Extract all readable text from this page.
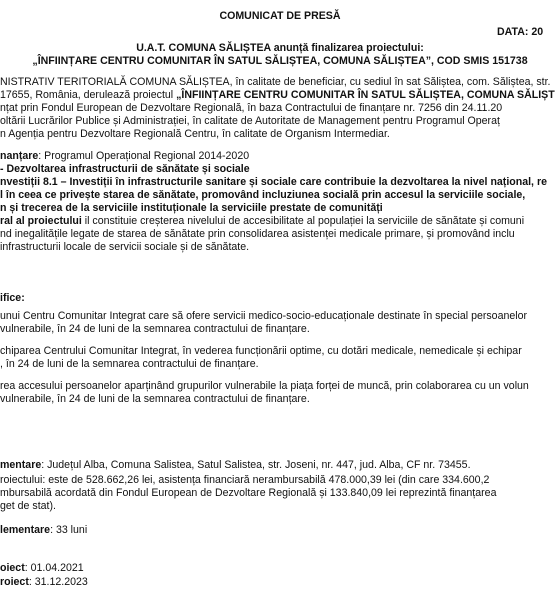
COMUNICAT DE PRESĂ
DATA: 20
U.A.T. COMUNA SĂLIȘTEA anunță finalizarea proiectului:
„ÎNFIINȚARE CENTRU COMUNITAR ÎN SATUL SĂLIȘTEA, COMUNA SĂLIȘTEA”, COD SMIS 151738
NISTRATIV TERITORIALĂ COMUNA SĂLIȘTEA, în calitate de beneficiar, cu sediul în sat Săliștea, com. Săliștea, str.
17655, România, derulează proiectul „ÎNFIINȚARE CENTRU COMUNITAR ÎN SATUL SĂLIȘTEA, COMUNA SĂLIȘT
nțat prin Fondul European de Dezvoltare Regională, în baza Contractului de finanțare nr. 7256 din 24.11.20
oltării Lucrărilor Publice și Administrației, în calitate de Autoritate de Management pentru Programul Operaț
n Agenția pentru Dezvoltare Regională Centru, în calitate de Organism Intermediar.
nanțare: Programul Operațional Regional 2014-2020
- Dezvoltarea infrastructurii de sănătate și sociale
nvestiții 8.1 – Investiții în infrastructurile sanitare și sociale care contribuie la dezvoltarea la nivel național, re
l în ceea ce privește starea de sănătate, promovând incluziunea socială prin accesul la serviciile sociale,
n și trecerea de la serviciile instituționale la serviciile prestate de comunități
ral al proiectului il constituie creșterea nivelului de accesibilitate al populației la serviciile de sănătate și comuni
nd inegalitățile legate de starea de sănătate prin consolidarea asistenței medicale primare, și promovând inclu
infrastructurii locale de servicii sociale și de sănătate.
ifice:
unui Centru Comunitar Integrat care să ofere servicii medico-socio-educaționale destinate în special persoanelor
vulnerabile, în 24 de luni de la semnarea contractului de finanțare.
chiparea Centrului Comunitar Integrat, în vederea funcționării optime, cu dotări medicale, nemedicale și echipar
, în 24 de luni de la semnarea contractului de finanțare.
rea accesului persoanelor aparținând grupurilor vulnerabile la piața forței de muncă, prin colaborarea cu un volun
vulnerabile, în 24 de luni de la semnarea contractului de finanțare.
mentare: Județul Alba, Comuna Salistea, Satul Salistea, str. Joseni, nr. 447, jud. Alba, CF nr. 73455.
roiectului: este de 528.662,26 lei, asistența financiară nerambursabilă 478.000,39 lei (din care 334.600,2
mbursabilă acordată din Fondul European de Dezvoltare Regională și 133.840,09 lei reprezintă finanțarea
get de stat).
lementare: 33 luni
oiect: 01.04.2021
roiect: 31.12.2023
